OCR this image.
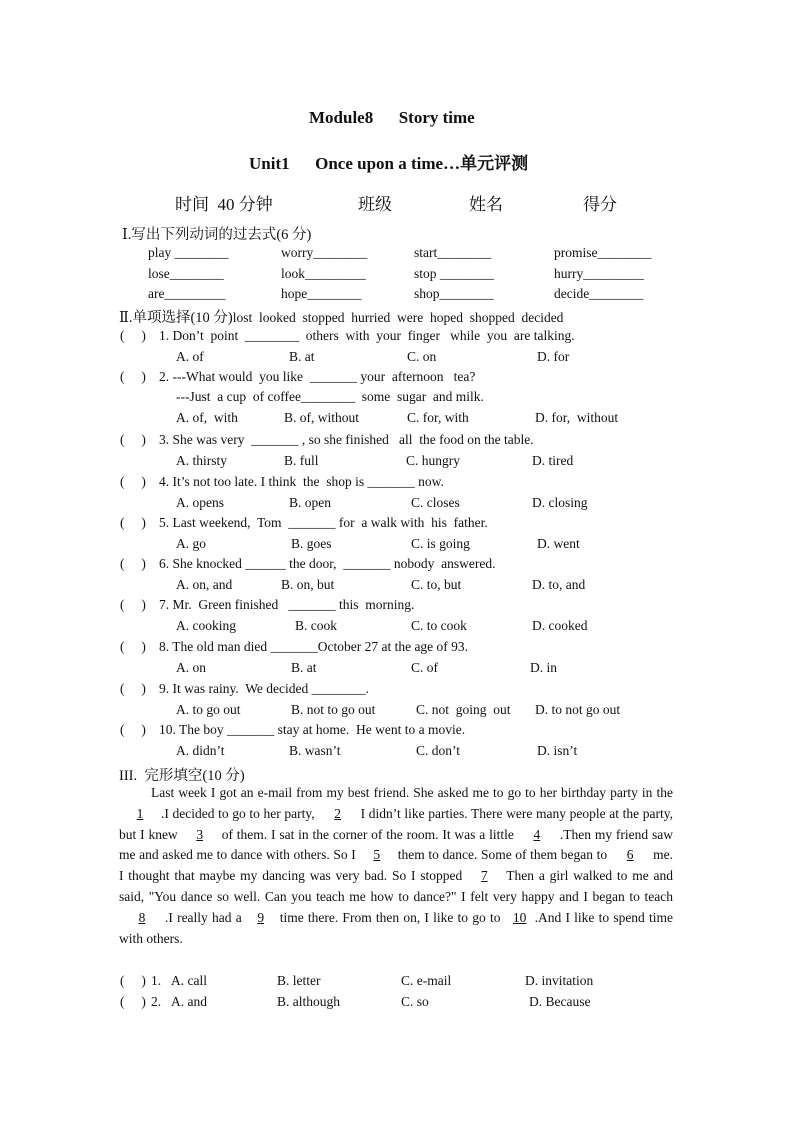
Module8      Story time
Unit1      Once upon a time…单元评测
时间  40 分钟	班级	姓名	得分
Ⅰ.写出下列动词的过去式(6 分)
play ________	worry________	start________	promise________
lose________	look_________	stop ________	hurry_________
are_________	hope________	shop________	decide________
Ⅱ.单项选择(10 分)lost  looked  stopped  hurried  were  hoped  shopped  decided
(     ) 1. Don’t  point  ________  others  with  your  finger   while  you  are talking.
A. of	B. at	C. on	D. for
(     ) 2. ---What would  you like  _______ your  afternoon   tea?
---Just  a cup  of coffee________  some  sugar  and milk.
A. of,  with	B. of, without	C. for, with	D. for,  without
(     ) 3. She was very  _______ , so she finished   all  the food on the table.
A. thirsty	B. full	C. hungry	D. tired
(     ) 4. It’s not too late. I think  the  shop is _______ now.
A. opens	B. open	C. closes	D. closing
(     ) 5. Last weekend,  Tom  _______ for  a walk with  his  father.
A. go	B. goes	C. is going	D. went
(     ) 6. She knocked ______ the door,  _______ nobody  answered.
A. on, and	B. on, but	C. to, but	D. to, and
(     ) 7. Mr.  Green finished   _______ this  morning.
A. cooking	B. cook	C. to cook	D. cooked
(     ) 8. The old man died _______October 27 at the age of 93.
A. on	B. at	C. of	D. in
(     ) 9. It was rainy.  We decided ________.
A. to go out	B. not to go out	C. not  going  out D. to not go out
(     ) 10. The boy _______ stay at home.  He went to a movie.
A. didn’t	B. wasn’t	C. don’t	D. isn’t
III.  完形填空(10 分)
Last week I got an e-mail from my best friend. She asked me to go to her birthday party in the1 .I decided to go to her party, 2 I didn’t like parties. There were many people at the party, but I knew 3 of them. I sat in the corner of the room. It was a little 4 .Then my friend saw me and asked me to dance with others. So I 5 them to dance. Some of them began to 6 me. I thought that maybe my dancing was very bad. So I stopped 7 Then a girl walked to me and said, "You dance so well. Can you teach me how to dance?" I felt very happy and I began to teach8 .I really had a 9 time there. From then on, I like to go to 10 .And I like to spend time with others.
(     ) 1. A. call	B. letter	C. e-mail	D. invitation
(     ) 2. A. and	B. although	C. so	D. Because
